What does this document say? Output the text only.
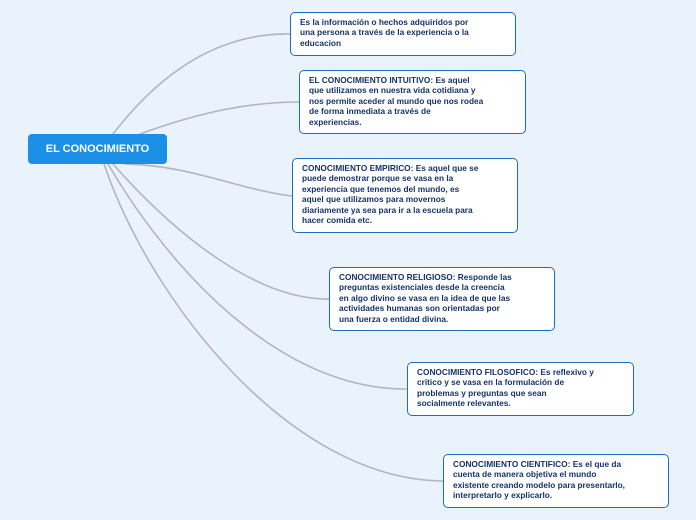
EL CONOCIMIENTO
Es la información o hechos adquiridos por
una persona a través de la experiencia o la
educacion
EL CONOCIMIENTO INTUITIVO: Es aquel
que utilizamos en nuestra vida cotidiana y
nos permite aceder al mundo que nos rodea
de forma inmediata a través de
experiencias.
CONOCIMIENTO EMPIRICO: Es aquel que se
puede demostrar porque se vasa en la
experiencia que tenemos del mundo, es
aquel que utilizamos para movernos
diariamente ya sea para ir a la escuela para
hacer comida etc.
CONOCIMIENTO RELIGIOSO: Responde las
preguntas existenciales desde la creencia
en algo divino se vasa en la idea de que las
actividades humanas son orientadas por
una fuerza o entidad divina.
CONOCIMIENTO FILOSOFICO: Es reflexivo y
critico y se vasa en la formulación de
problemas y preguntas que sean
socialmente relevantes.
CONOCIMIENTO CIENTIFICO: Es el que da
cuenta de manera objetiva el mundo
existente creando modelo para presentarlo,
interpretarlo y explicarlo.
